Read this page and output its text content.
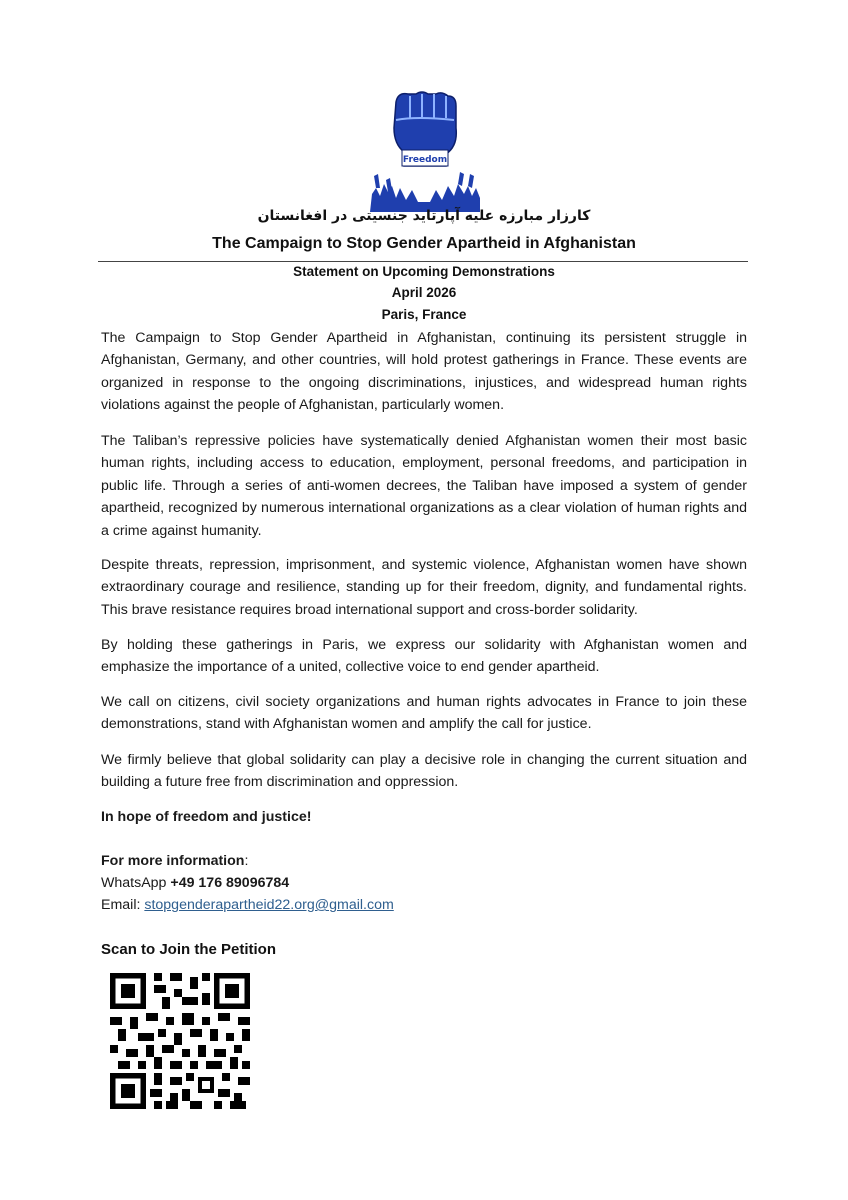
Freedom
کارزار مبارزه علیه آپارتاید جنسیتی در افغانستان
The Campaign to Stop Gender Apartheid in Afghanistan
Statement on Upcoming Demonstrations
April 2026
Paris, France
The Campaign to Stop Gender Apartheid in Afghanistan, continuing its persistent struggle in Afghanistan, Germany, and other countries, will hold protest gatherings in France. These events are organized in response to the ongoing discriminations, injustices, and widespread human rights violations against the people of Afghanistan, particularly women.
The Taliban’s repressive policies have systematically denied Afghanistan women their most basic human rights, including access to education, employment, personal freedoms, and participation in public life. Through a series of anti-women decrees, the Taliban have imposed a system of gender apartheid, recognized by numerous international organizations as a clear violation of human rights and a crime against humanity.
Despite threats, repression, imprisonment, and systemic violence, Afghanistan women have shown extraordinary courage and resilience, standing up for their freedom, dignity, and fundamental rights. This brave resistance requires broad international support and cross-border solidarity.
By holding these gatherings in Paris, we express our solidarity with Afghanistan women and emphasize the importance of a united, collective voice to end gender apartheid.
We call on citizens, civil society organizations and human rights advocates in France to join these demonstrations, stand with Afghanistan women and amplify the call for justice.
We firmly believe that global solidarity can play a decisive role in changing the current situation and building a future free from discrimination and oppression.
In hope of freedom and justice!
For more information:
WhatsApp +49 176 89096784
Email: stopgenderapartheid22.org@gmail.com
Scan to Join the Petition
